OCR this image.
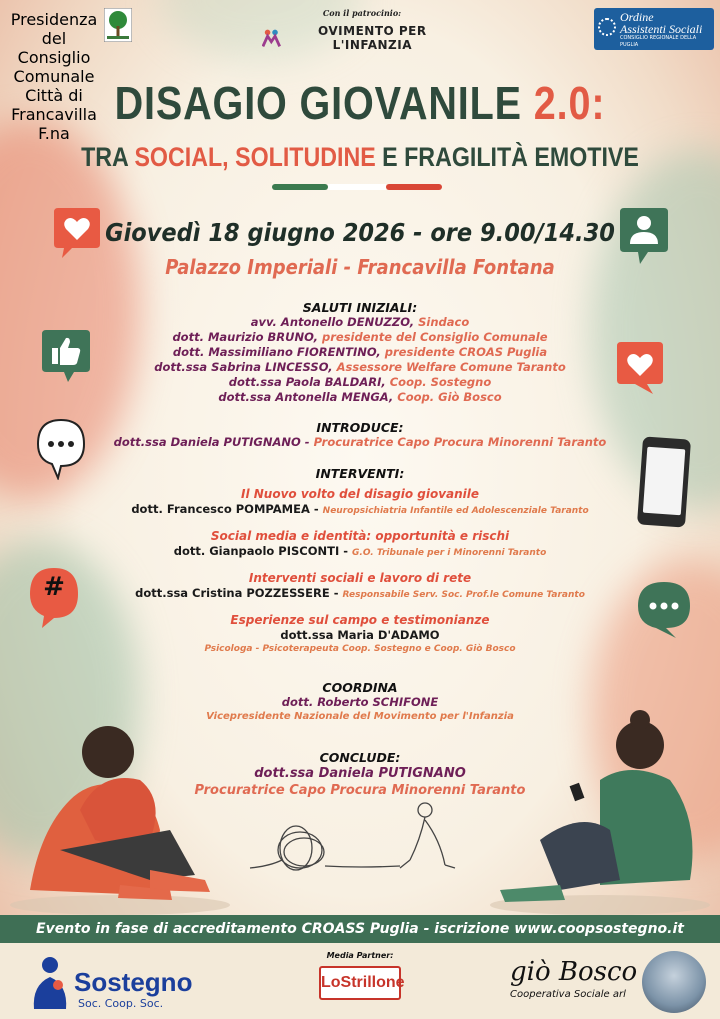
Presidenza del

Consiglio Comunale

Città di Francavilla F.na

Con il patrocinio:
OVIMENTO PER L'INFANZIA
Ordine
Assistenti Sociali
CONSIGLIO REGIONALE DELLA PUGLIA
DISAGIO GIOVANILE 2.0:
TRA SOCIAL, SOLITUDINE E FRAGILITÀ EMOTIVE
Giovedì 18 giugno 2026 - ore 9.00/14.30
Palazzo Imperiali - Francavilla Fontana
#
SALUTI INIZIALI:
avv. Antonello DENUZZO, Sindaco
dott. Maurizio BRUNO, presidente del Consiglio Comunale
dott. Massimiliano FIORENTINO, presidente CROAS Puglia
dott.ssa Sabrina LINCESSO, Assessore Welfare Comune Taranto
dott.ssa Paola BALDARI, Coop. Sostegno
dott.ssa Antonella MENGA, Coop. Giò Bosco
INTRODUCE:
dott.ssa Daniela PUTIGNANO - Procuratrice Capo Procura Minorenni Taranto
INTERVENTI:
Il Nuovo volto del disagio giovanile
dott. Francesco POMPAMEA - Neuropsichiatria Infantile ed Adolescenziale Taranto
Social media e identità: opportunità e rischi
dott. Gianpaolo PISCONTI - G.O. Tribunale per i Minorenni Taranto
Interventi sociali e lavoro di rete
dott.ssa Cristina POZZESSERE - Responsabile Serv. Soc. Prof.le Comune Taranto
Esperienze sul campo e testimonianze
dott.ssa Maria D'ADAMO
Psicologa - Psicoterapeuta Coop. Sostegno e Coop. Giò Bosco
COORDINA
dott. Roberto SCHIFONE
Vicepresidente Nazionale del Movimento per l'Infanzia
CONCLUDE:
dott.ssa Daniela PUTIGNANO
Procuratrice Capo Procura Minorenni Taranto
Evento in fase di accreditamento CROASS Puglia - iscrizione www.coopsostegno.it
Sostegno
Soc. Coop. Soc.
Media Partner:
LoStrillone	giò Bosco
Cooperativa Sociale arl
